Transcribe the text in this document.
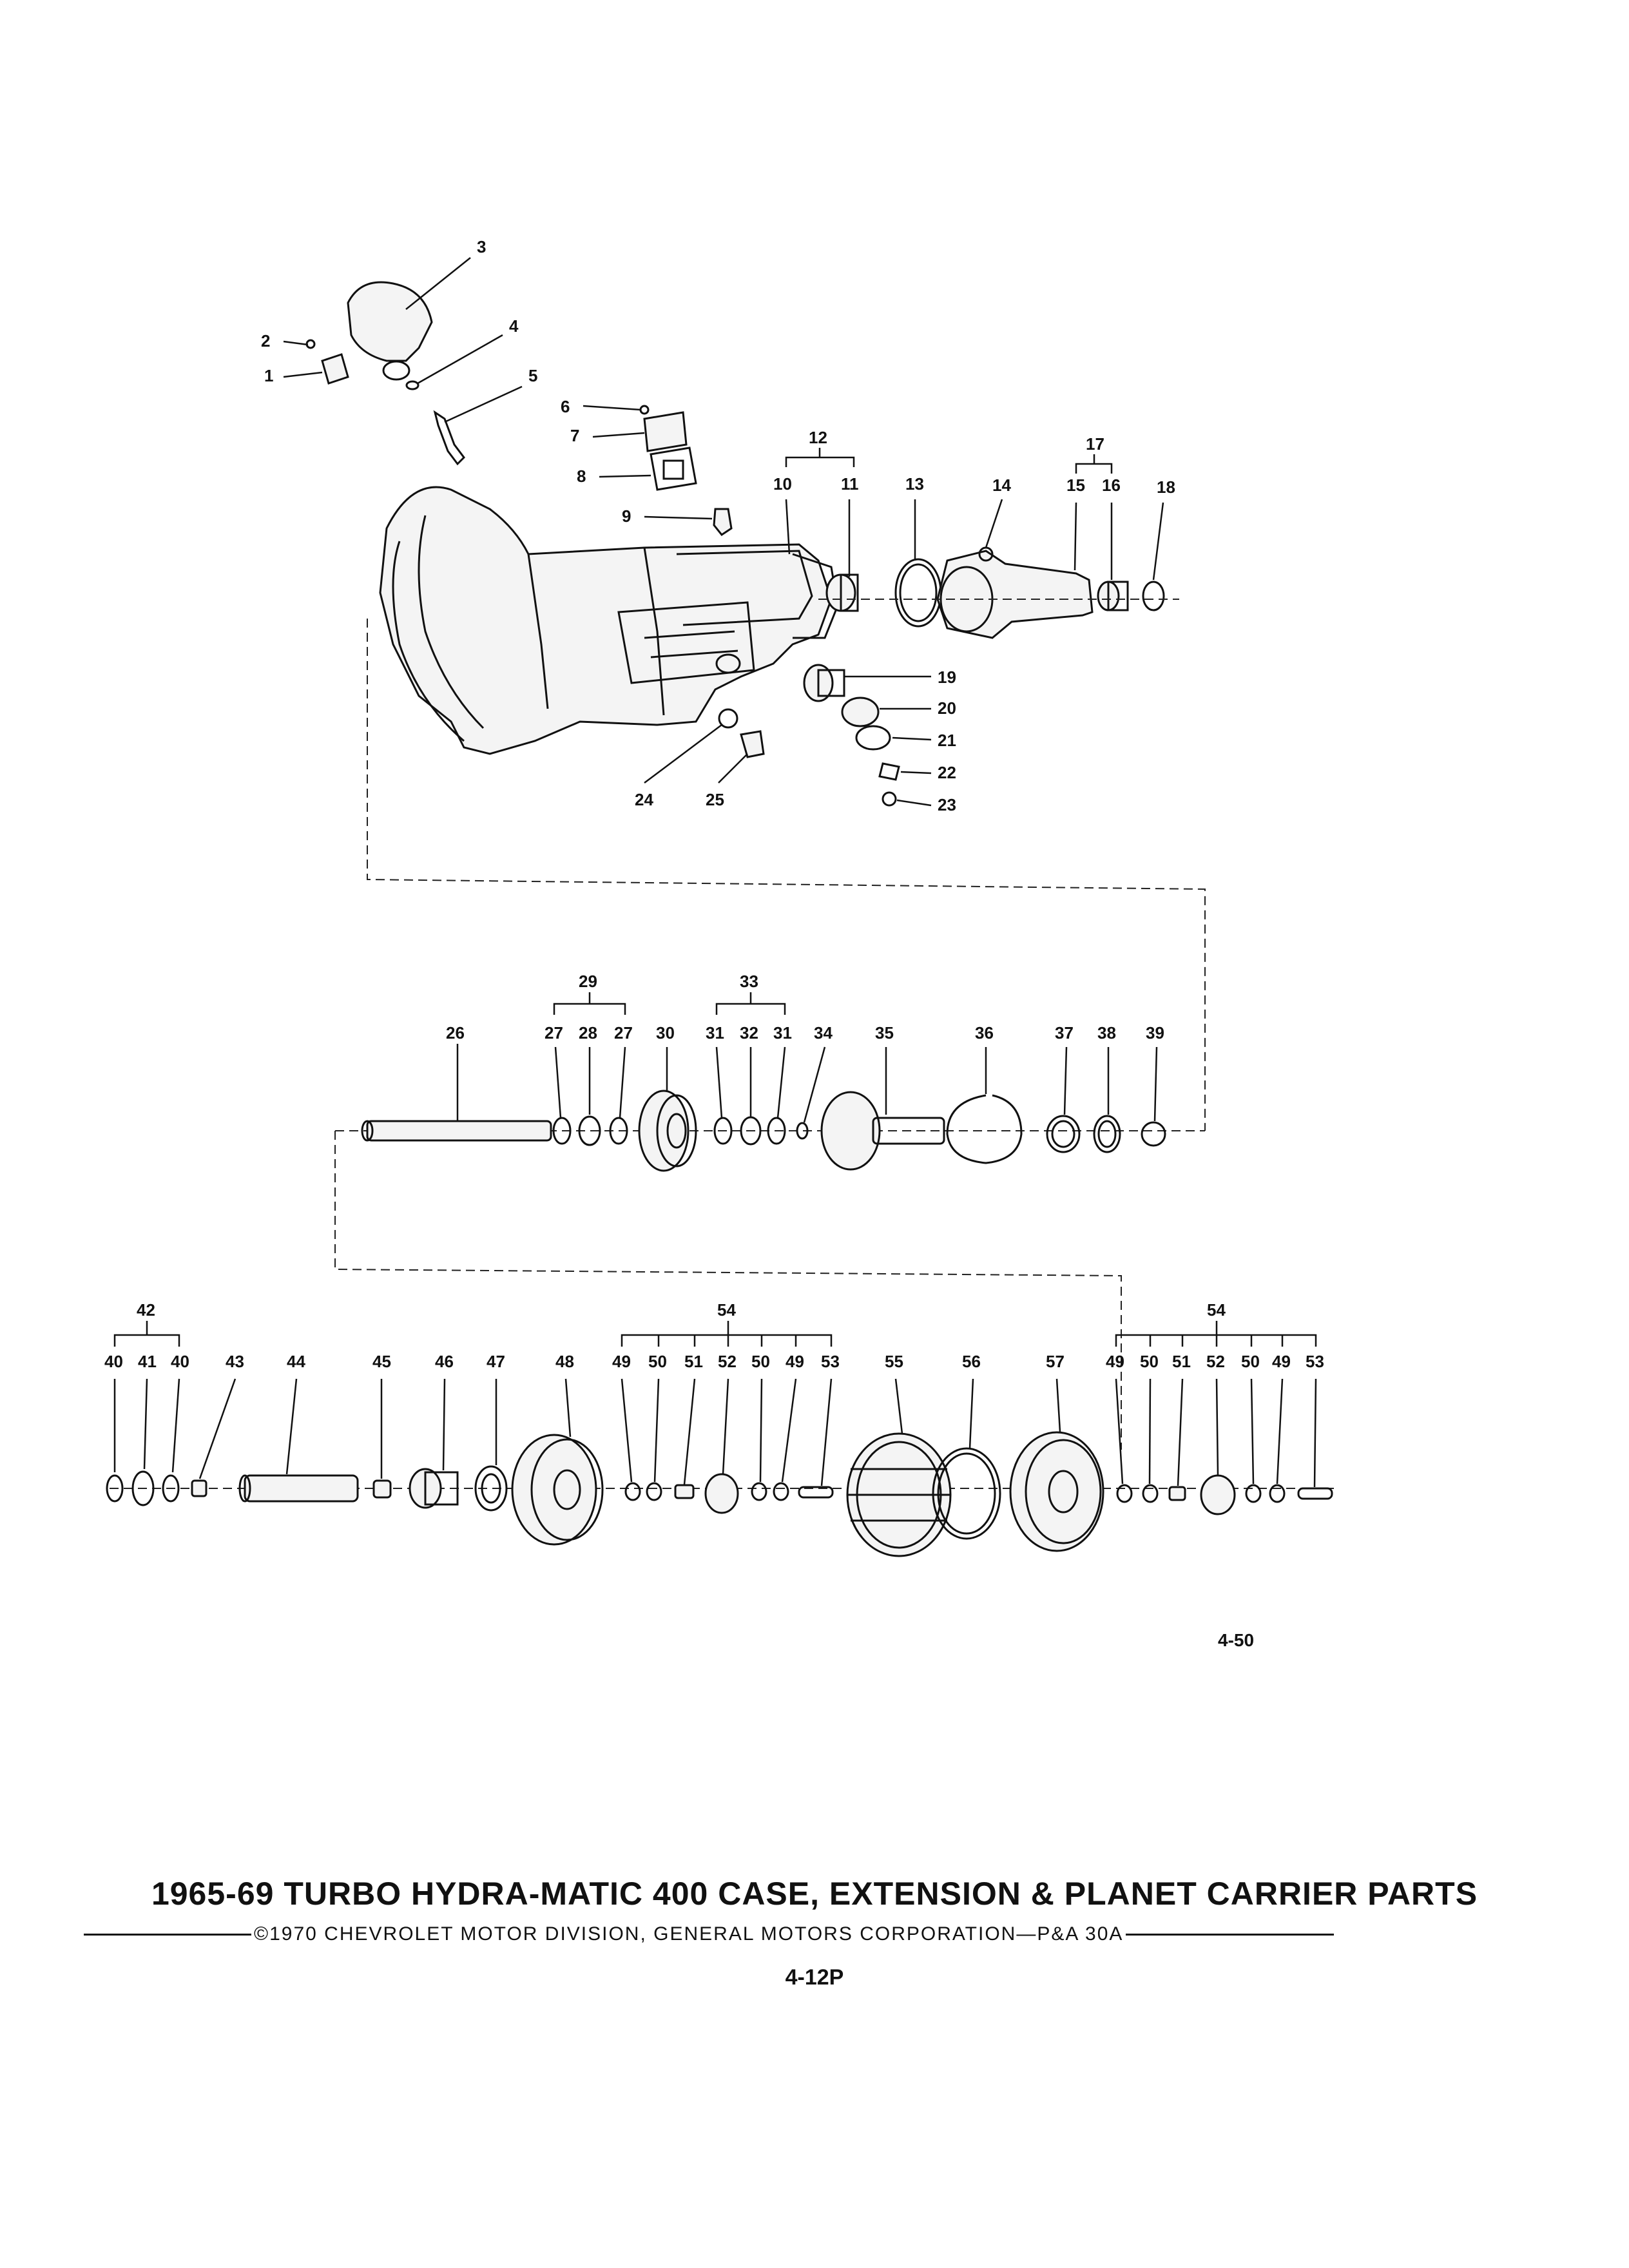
3
2
1
4
5
6
7
8
9
12
10	11	13	14
17
15 16 18
19
20
21
22
23
24	25
26
29
27 28 27 30
33
31 32 31 34	35	36	37 38 39
42
40 41 40 43	44	45	46 47	48
54
49 50 51 52 50 49 53	55	56	57
54
49 50 51 52 50 49 53
4-50
1965-69 TURBO HYDRA-MATIC 400 CASE, EXTENSION & PLANET CARRIER PARTS
©1970 CHEVROLET MOTOR DIVISION, GENERAL MOTORS CORPORATION—P&A 30A
4-12P
